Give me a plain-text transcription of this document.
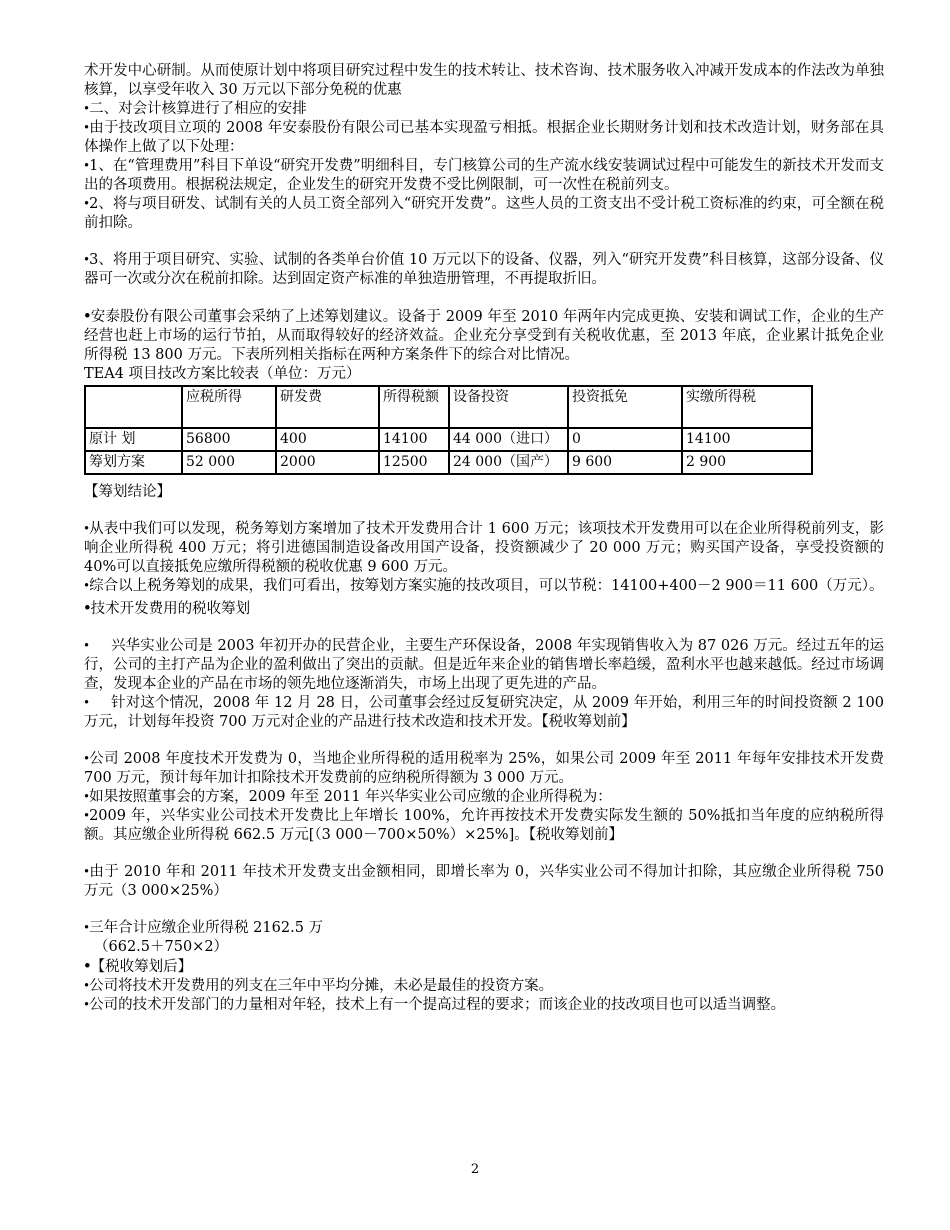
术开发中心研制。从而使原计划中将项目研究过程中发生的技术转让、技术咨询、技术服务收入冲减开发成本的作法改为单独核算，以享受年收入 30 万元以下部分免税的优惠

• 二、对会计核算进行了相应的安排

• 由于技改项目立项的 2008 年安泰股份有限公司已基本实现盈亏相抵。根据企业长期财务计划和技术改造计划，财务部在具体操作上做了以下处理：

• 1、在“管理费用”科目下单设“研究开发费”明细科目，专门核算公司的生产流水线安装调试过程中可能发生的新技术开发而支出的各项费用。根据税法规定，企业发生的研究开发费不受比例限制，可一次性在税前列支。

• 2、将与项目研发、试制有关的人员工资全部列入“研究开发费”。这些人员的工资支出不受计税工资标准的约束，可全额在税前扣除。

• 3、将用于项目研究、实验、试制的各类单台价值 10 万元以下的设备、仪器，列入“研究开发费”科目核算，这部分设备、仪器可一次或分次在税前扣除。达到固定资产标准的单独造册管理，不再提取折旧。

• 安泰股份有限公司董事会采纳了上述筹划建议。设备于 2009 年至 2010 年两年内完成更换、安装和调试工作，企业的生产经营也赶上市场的运行节拍，从而取得较好的经济效益。企业充分享受到有关税收优惠，至 2013 年底，企业累计抵免企业所得税 13 800 万元。下表所列相关指标在两种方案条件下的综合对比情况。

TEA4 项目技改方案比较表（单位：万元）

	应税所得	研发费	所得税额	设备投资	投资抵免	实缴所得税
原计 划	56800	400	14100	44 000（进口）	0	14100
筹划方案	52 000	2000	12500	24 000（国产）	9 600	2 900

【筹划结论】

• 从表中我们可以发现，税务筹划方案增加了技术开发费用合计 1 600 万元；该项技术开发费用可以在企业所得税前列支，影响企业所得税 400 万元；将引进德国制造设备改用国产设备，投资额减少了 20 000 万元；购买国产设备，享受投资额的 40%可以直接抵免应缴所得税额的税收优惠 9 600 万元。

• 综合以上税务筹划的成果，我们可看出，按筹划方案实施的技改项目，可以节税：14100+400－2 900＝11 600（万元）。

• 技术开发费用的税收筹划

• 兴华实业公司是 2003 年初开办的民营企业，主要生产环保设备，2008 年实现销售收入为 87 026 万元。经过五年的运行，公司的主打产品为企业的盈利做出了突出的贡献。但是近年来企业的销售增长率趋缓，盈利水平也越来越低。经过市场调查，发现本企业的产品在市场的领先地位逐渐消失，市场上出现了更先进的产品。

• 针对这个情况，2008 年 12 月 28 日，公司董事会经过反复研究决定，从 2009 年开始，利用三年的时间投资额 2 100 万元，计划每年投资 700 万元对企业的产品进行技术改造和技术开发。【税收筹划前】

• 公司 2008 年度技术开发费为 0，当地企业所得税的适用税率为 25%，如果公司 2009 年至 2011 年每年安排技术开发费 700 万元，预计每年加计扣除技术开发费前的应纳税所得额为 3 000 万元。

• 如果按照董事会的方案，2009 年至 2011 年兴华实业公司应缴的企业所得税为：

• 2009 年，兴华实业公司技术开发费比上年增长 100%，允许再按技术开发费实际发生额的 50%抵扣当年度的应纳税所得额。其应缴企业所得税 662.5 万元[（3 000－700×50%）×25%]。【税收筹划前】

• 由于 2010 年和 2011 年技术开发费支出金额相同，即增长率为 0，兴华实业公司不得加计扣除，其应缴企业所得税 750 万元（3 000×25%）

• 三年合计应缴企业所得税 2162.5 万

（662.5＋750×2）

• 【税收筹划后】

• 公司将技术开发费用的列支在三年中平均分摊，未必是最佳的投资方案。

• 公司的技术开发部门的力量相对年轻，技术上有一个提高过程的要求；而该企业的技改项目也可以适当调整。

2
